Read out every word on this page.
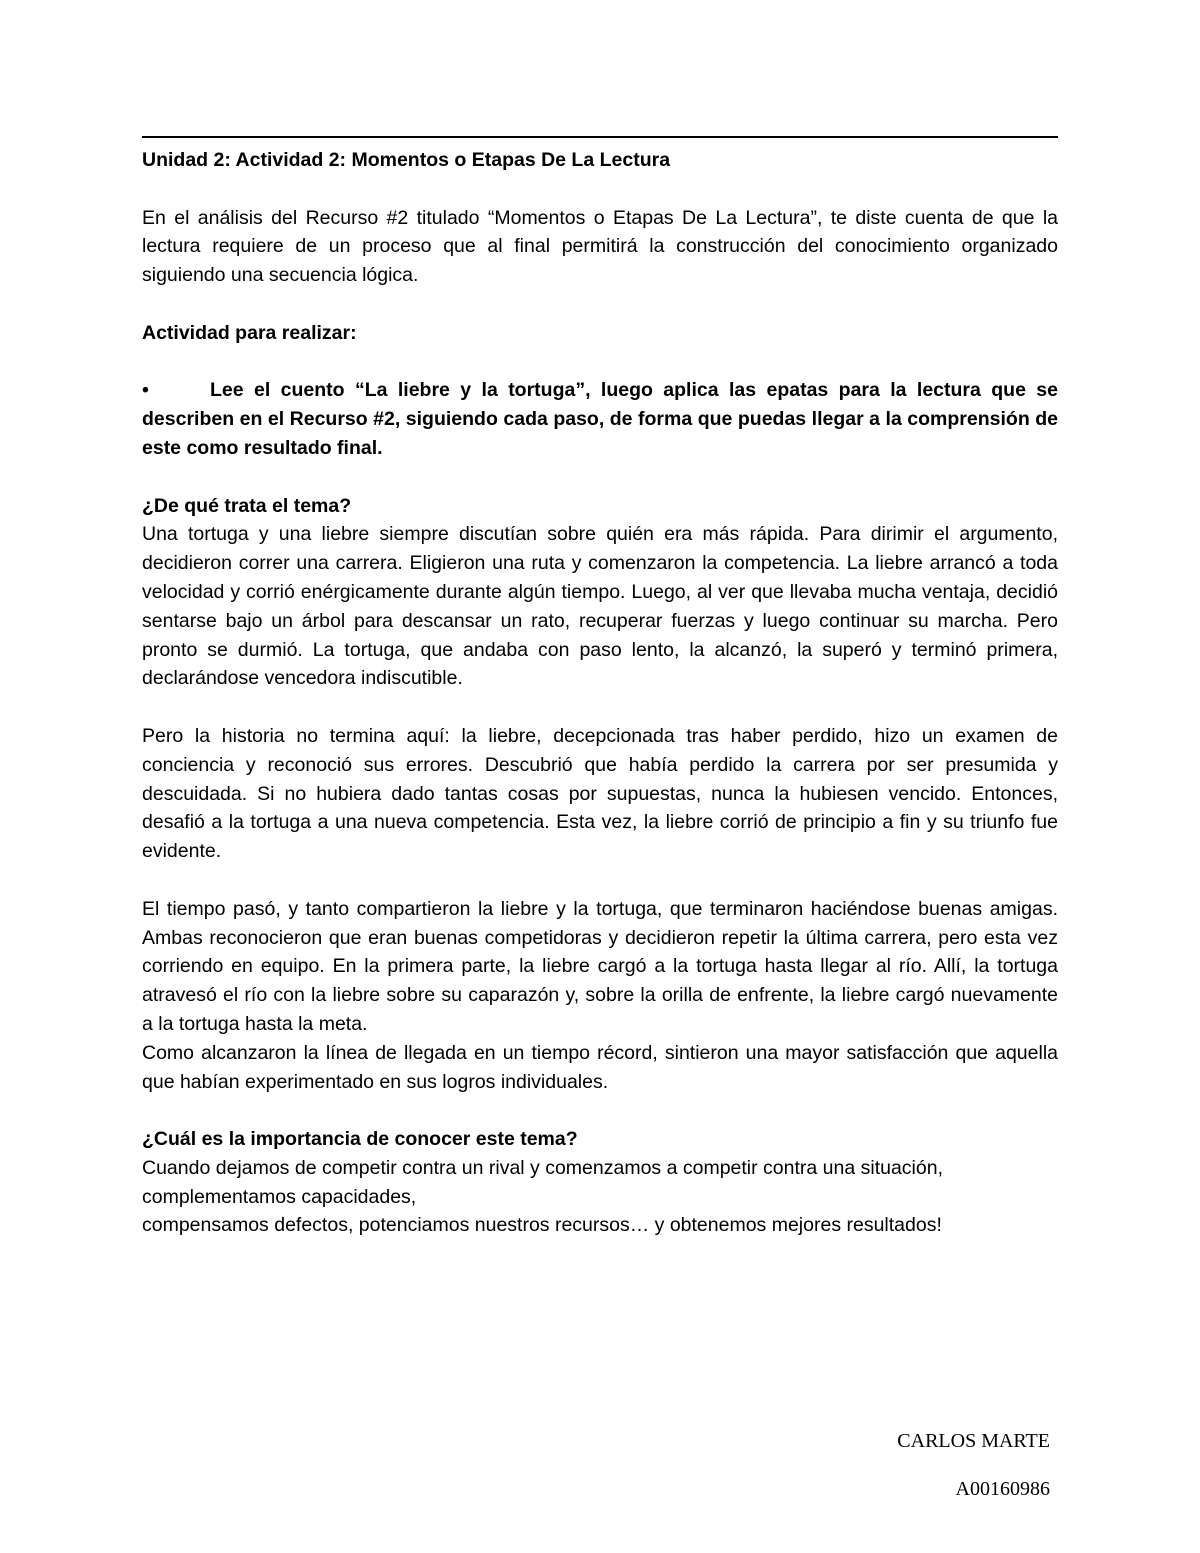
Unidad 2: Actividad 2: Momentos o Etapas De La Lectura

En el análisis del Recurso #2 titulado “Momentos o Etapas De La Lectura”, te diste cuenta de que la lectura requiere de un proceso que al final permitirá la construcción del conocimiento organizado siguiendo una secuencia lógica.

Actividad para realizar:
•	Lee el cuento “La liebre y la tortuga”, luego aplica las epatas para la lectura que se describen en el Recurso #2, siguiendo cada paso, de forma que puedas llegar a la comprensión de este como resultado final.
¿De qué trata el tema?

Una tortuga y una liebre siempre discutían sobre quién era más rápida. Para dirimir el argumento, decidieron correr una carrera. Eligieron una ruta y comenzaron la competencia. La liebre arrancó a toda velocidad y corrió enérgicamente durante algún tiempo. Luego, al ver que llevaba mucha ventaja, decidió sentarse bajo un árbol para descansar un rato, recuperar fuerzas y luego continuar su marcha. Pero pronto se durmió. La tortuga, que andaba con paso lento, la alcanzó, la superó y terminó primera, declarándose vencedora indiscutible.

Pero la historia no termina aquí: la liebre, decepcionada tras haber perdido, hizo un examen de conciencia y reconoció sus errores. Descubrió que había perdido la carrera por ser presumida y descuidada. Si no hubiera dado tantas cosas por supuestas, nunca la hubiesen vencido. Entonces, desafió a la tortuga a una nueva competencia. Esta vez, la liebre corrió de principio a fin y su triunfo fue evidente.

El tiempo pasó, y tanto compartieron la liebre y la tortuga, que terminaron haciéndose buenas amigas. Ambas reconocieron que eran buenas competidoras y decidieron repetir la última carrera, pero esta vez corriendo en equipo. En la primera parte, la liebre cargó a la tortuga hasta llegar al río. Allí, la tortuga atravesó el río con la liebre sobre su caparazón y, sobre la orilla de enfrente, la liebre cargó nuevamente a la tortuga hasta la meta.

Como alcanzaron la línea de llegada en un tiempo récord, sintieron una mayor satisfacción que aquella que habían experimentado en sus logros individuales.

¿Cuál es la importancia de conocer este tema?

Cuando dejamos de competir contra un rival y comenzamos a competir contra una situación, complementamos capacidades,

compensamos defectos, potenciamos nuestros recursos… y obtenemos mejores resultados!

CARLOS MARTE
A00160986
